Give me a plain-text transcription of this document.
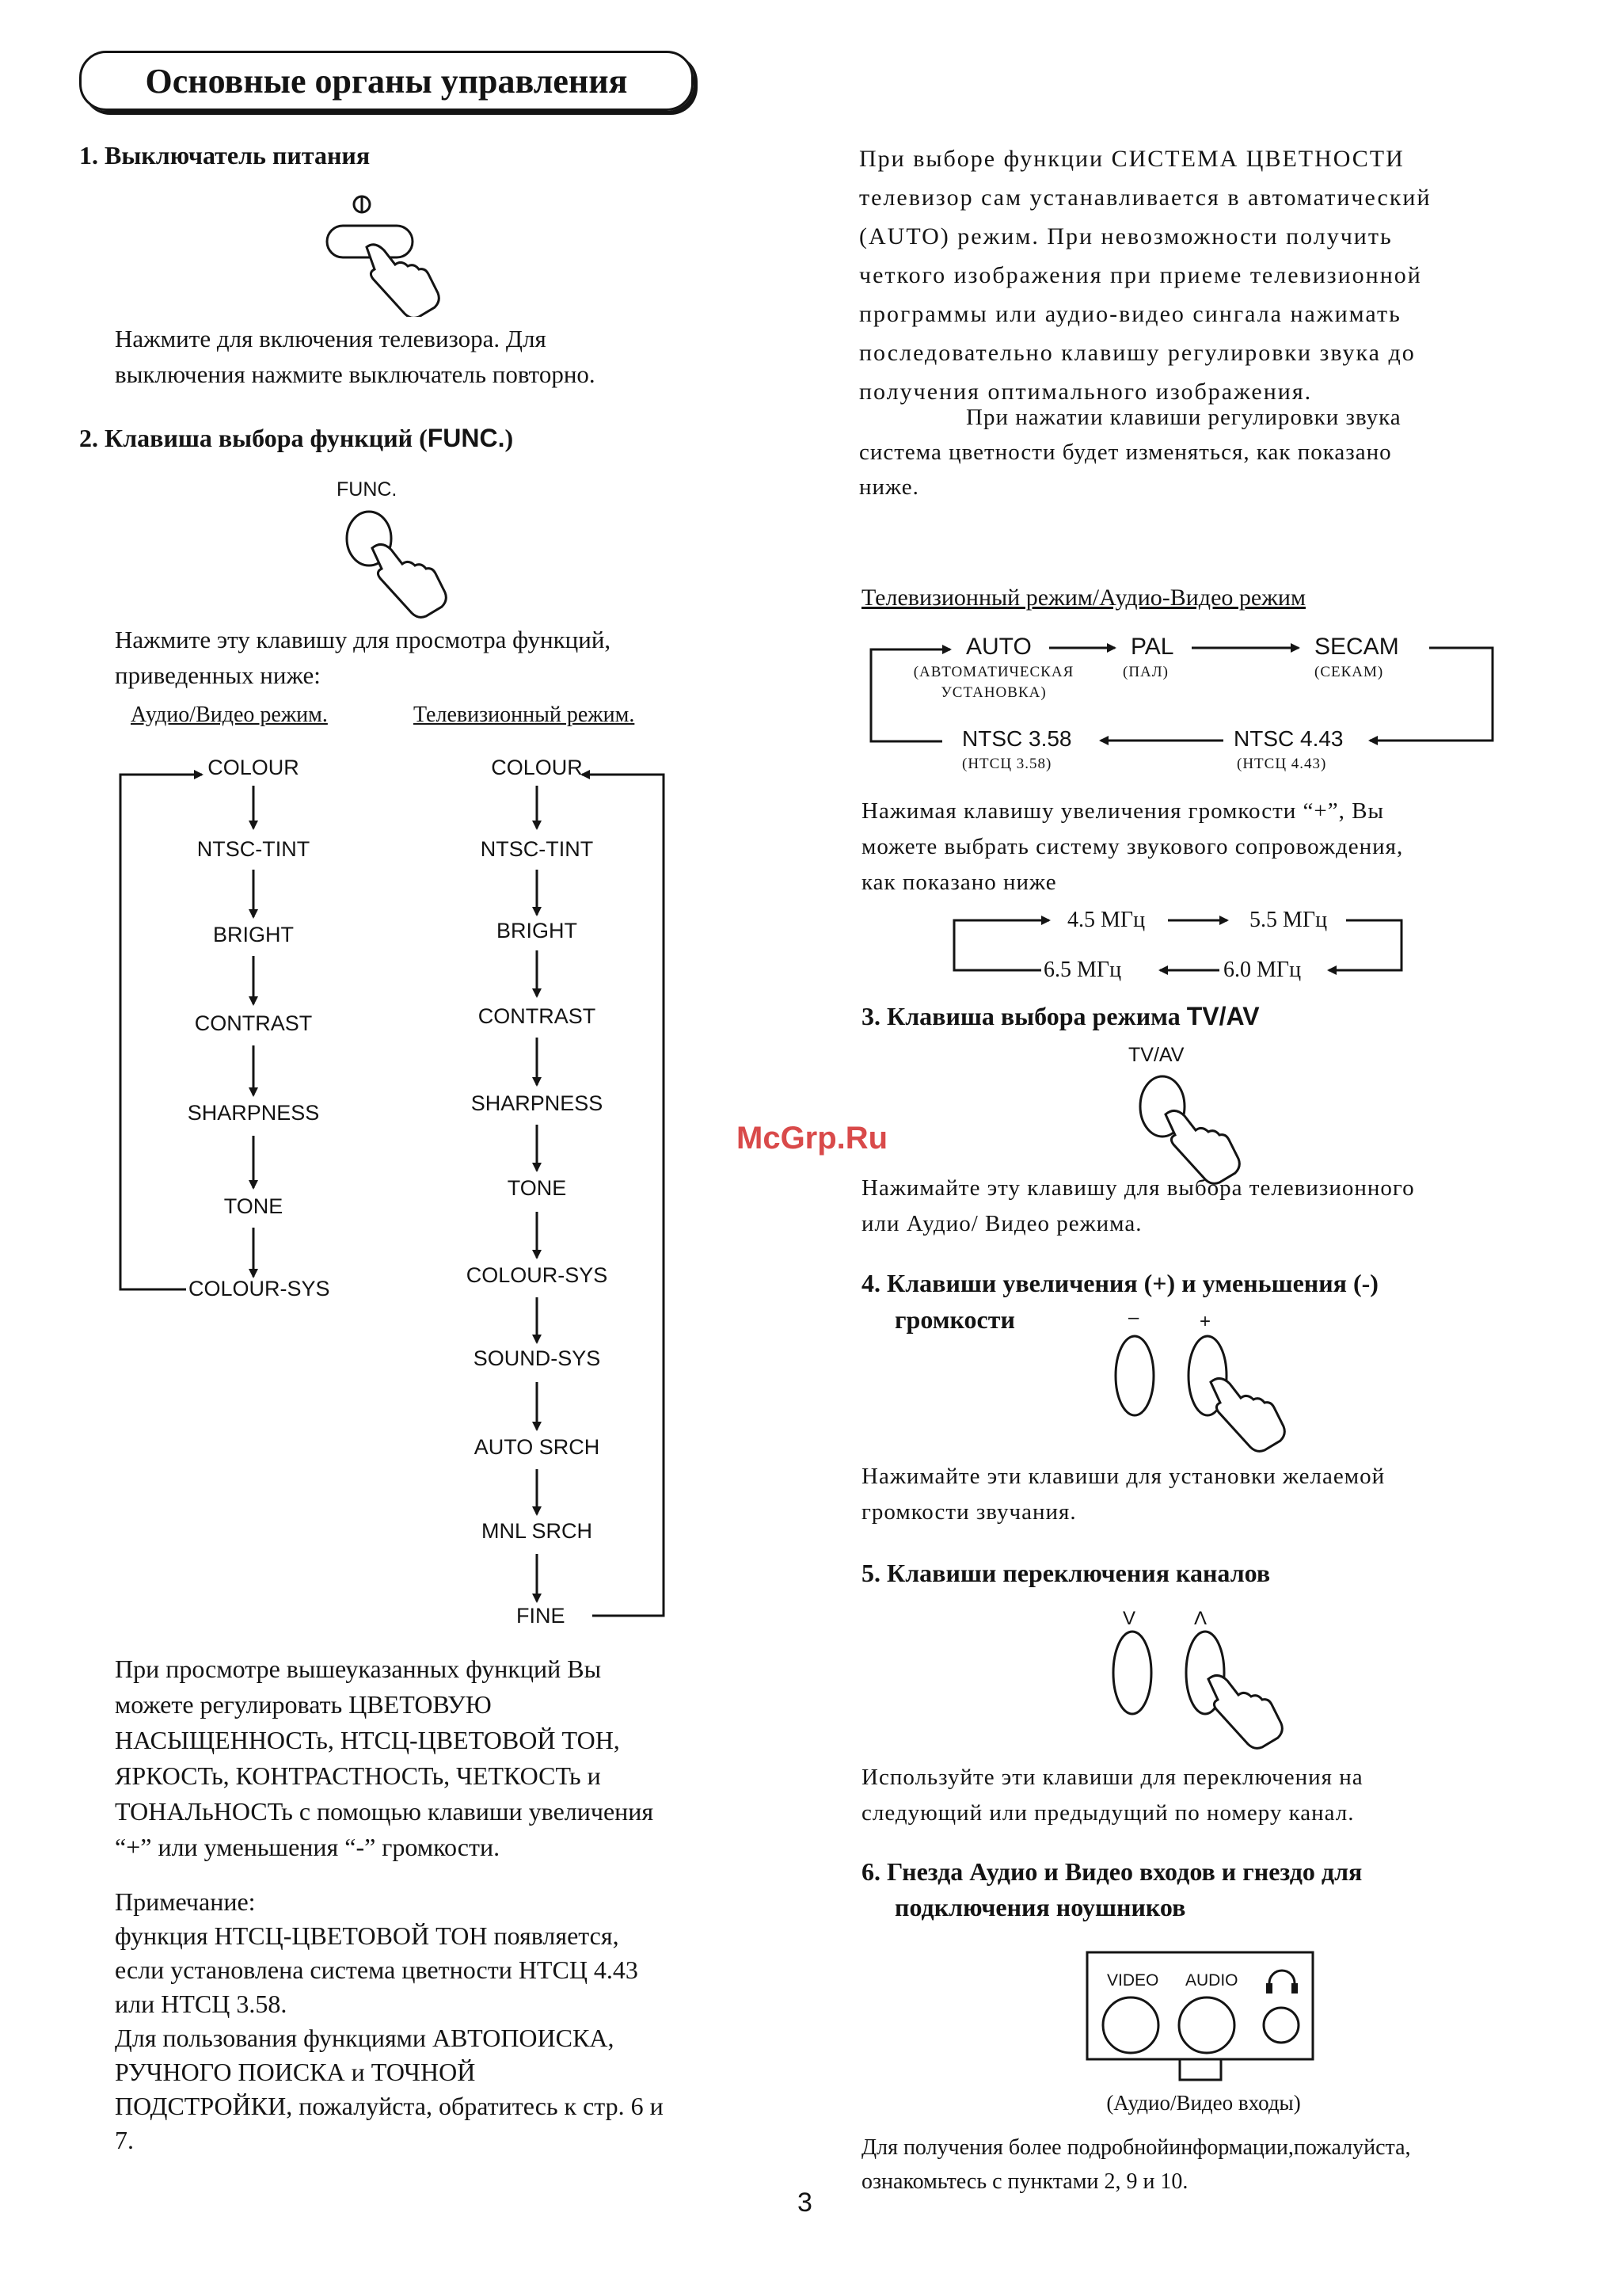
Основные органы управления
1. Выключатель питания
Нажмите для включения телевизора. Для
выключения нажмите выключатель повторно.
2. Клавиша выбора функций (FUNC.)
FUNC.
Нажмите эту клавишу для просмотра функций,
приведенных ниже:
Аудио/Видео режим.	Телевизионный режим.
COLOUR
NTSC-TINT
BRIGHT
CONTRAST
SHARPNESS
TONE
COLOUR-SYS
COLOUR
NTSC-TINT
BRIGHT
CONTRAST
SHARPNESS
TONE
COLOUR-SYS
SOUND-SYS
AUTO SRCH
MNL SRCH
FINE
При просмотре вышеуказанных функций Вы
можете регулировать ЦВЕТОВУЮ
НАСЫЩЕННОСТь, НТСЦ-ЦВЕТОВОЙ ТОН,
ЯРКОСТь, КОНТРАСТНОСТь, ЧЕТКОСТь и
ТОНАЛьНОСТь с помощью клавиши увеличения
“+” или уменьшения “-” громкости.
Примечание:
функция НТСЦ-ЦВЕТОВОЙ ТОН появляется,
если установлена система цветности НТСЦ 4.43
или НТСЦ 3.58.
Для пользования функциями АВТОПОИСКА,
РУЧНОГО ПОИСКА и ТОЧНОЙ
ПОДСТРОЙКИ, пожалуйста, обратитесь к стр. 6 и
7.
При выборе функции СИСТЕМА ЦВЕТНОСТИ
телевизор сам устанавливается в автоматический
(AUTO) режим. При невозможности получить
четкого изображения при приеме телевизионной
программы или аудио-видео сингала нажимать
последовательно клавишу регулировки звука до
получения оптимального изображения.
При нажатии клавиши регулировки звука
система цветности будет изменяться, как показано
ниже.
Телевизионный режим/Аудио-Видео режим
AUTO
(АВТОМАТИЧЕСКАЯ
УСТАНОВКА)
PAL
(ПАЛ)
SECAM
(СЕКАМ)
NTSC 3.58
(НТСЦ 3.58)
NTSC 4.43
(НТСЦ 4.43)
Нажимая клавишу увеличения громкости “+”, Вы
можете выбрать систему звукового сопровождения,
как показано ниже
4.5 МГц	5.5 МГц
6.0 МГц
6.5 МГц
3. Клавиша выбора режима TV/AV
TV/AV
Нажимайте эту клавишу для выбора телевизионного
или Аудио/ Видео режима.
4. Клавиши увеличения (+) и уменьшения (-)
громкости	–	+
Нажимайте эти клавиши для установки желаемой
громкости звучания.
5. Клавиши переключения каналов
V	Λ
Используйте эти клавиши для переключения на
следующий или предыдущий по номеру канал.
6. Гнезда Аудио и Видео входов и гнездо для
подключения ноушников
VIDEO AUDIO
(Аудио/Видео входы)
Для получения более подробнойинформации,пожалуйста,
ознакомьтесь с пунктами 2, 9 и 10.
McGrp.Ru
3
